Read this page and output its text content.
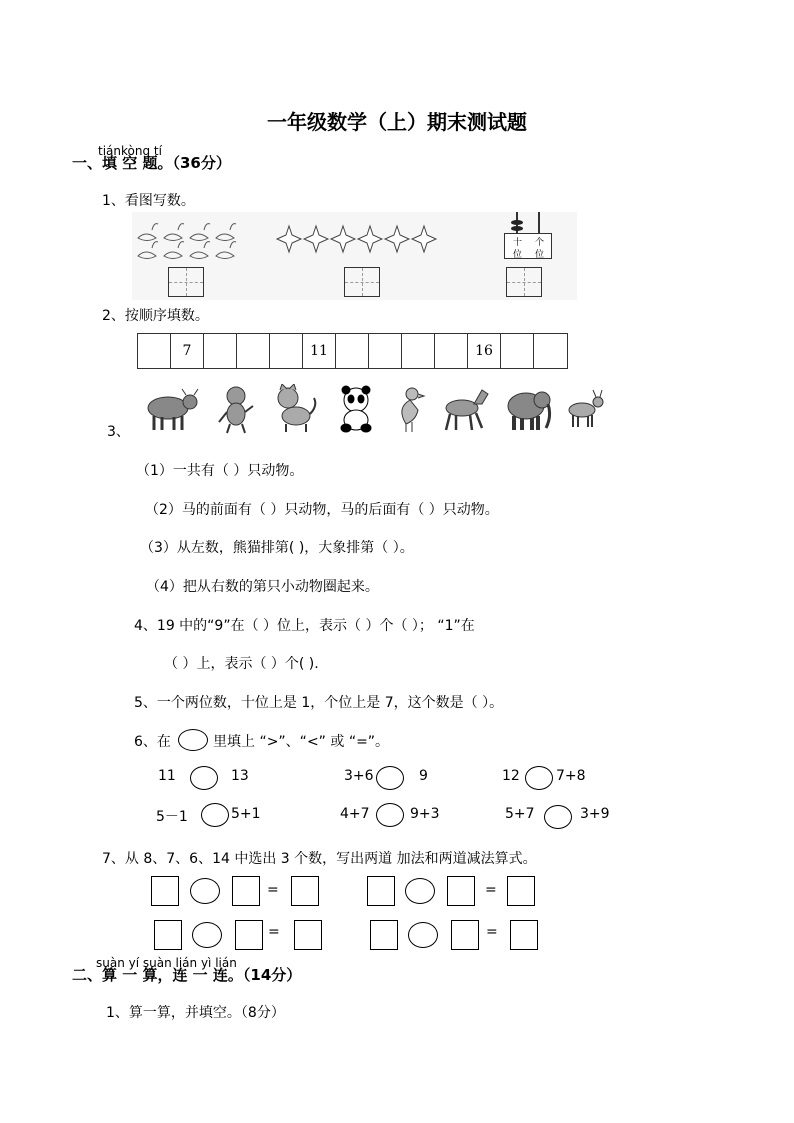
一年级数学（上）期末测试题
tiánkòng tí
一、填 空 题。（36分）
1、看图写数。
十 个
位 位
2、按顺序填数。
7	11	16
3、
（1）一共有（ ）只动物。
（2）马的前面有（ ）只动物，马的后面有（ ）只动物。
（3）从左数，熊猫排第( )，大象排第（ ）。
（4）把从右数的第只小动物圈起来。
4、19 中的“9”在（ ）位上，表示（ ）个（ ）； “1”在
（ ）上，表示（ ）个( ).
5、一个两位数，十位上是 1，个位上是 7，这个数是（ ）。
6、在	里填上 “>”、“<” 或 “=”。
11	13	3+6	9	12	7+8
5－1	5+1	4+7	9+3	5+7	3+9
7、从 8、7、6、14 中选出 3 个数，写出两道 加法和两道减法算式。
=	=
=	=
suàn yí suàn lián yì lián
二、算 一 算，连 一 连。（14分）
1、算一算，并填空。（8分）
